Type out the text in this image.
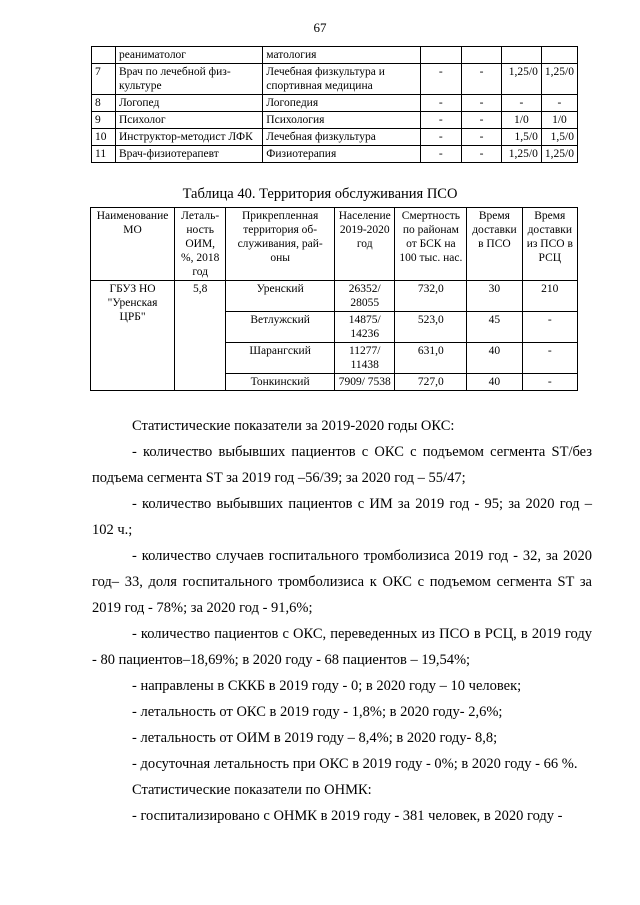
67
	реаниматолог	матология				
7	Врач по лечебной физ-культуре	Лечебная физкультура и спортивная медицина	-	-	1,25/0	1,25/0
8	Логопед	Логопедия	-	-	-	-
9	Психолог	Психология	-	-	1/0	1/0
10	Инструктор-методист ЛФК	Лечебная физкультура	-	-	1,5/0	1,5/0
11	Врач-физиотерапевт	Физиотерапия	-	-	1,25/0	1,25/0
Таблица 40. Территория обслуживания ПСО
Наименование МО	Леталь-ность ОИМ, %, 2018 год	Прикрепленная территория об-служивания, рай-оны	Население 2019-2020 год	Смертность по районам от БСК на 100 тыс. нас.	Время доставки в ПСО	Время доставки из ПСО в РСЦ
ГБУЗ НО "Уренская ЦРБ"	5,8	Уренский	26352/ 28055	732,0	30	210
		Ветлужский	14875/ 14236	523,0	45	-
		Шарангский	11277/ 11438	631,0	40	-
		Тонкинский	7909/ 7538	727,0	40	-

Статистические показатели за 2019-2020 годы ОКС:

- количество выбывших пациентов с ОКС с подъемом сегмента ST/без подъема сегмента ST за 2019 год –56/39; за 2020 год – 55/47;

- количество выбывших пациентов с ИМ за 2019 год - 95; за 2020 год – 102 ч.;

- количество случаев госпитального тромболизиса 2019 год - 32, за 2020 год– 33, доля госпитального тромболизиса к ОКС с подъемом сегмента ST за 2019 год - 78%; за 2020 год - 91,6%;

- количество пациентов с ОКС, переведенных из ПСО в РСЦ, в 2019 году - 80 пациентов–18,69%; в 2020 году - 68 пациентов – 19,54%;

- направлены в СККБ в 2019 году - 0; в 2020 году – 10 человек;

- летальность от ОКС в 2019 году - 1,8%; в 2020 году- 2,6%;

- летальность от ОИМ в 2019 году – 8,4%; в 2020 году- 8,8;

- досуточная летальность при ОКС в 2019 году - 0%; в 2020 году - 66 %.

Статистические показатели по ОНМК:

- госпитализировано с ОНМК в 2019 году - 381 человек, в 2020 году -
